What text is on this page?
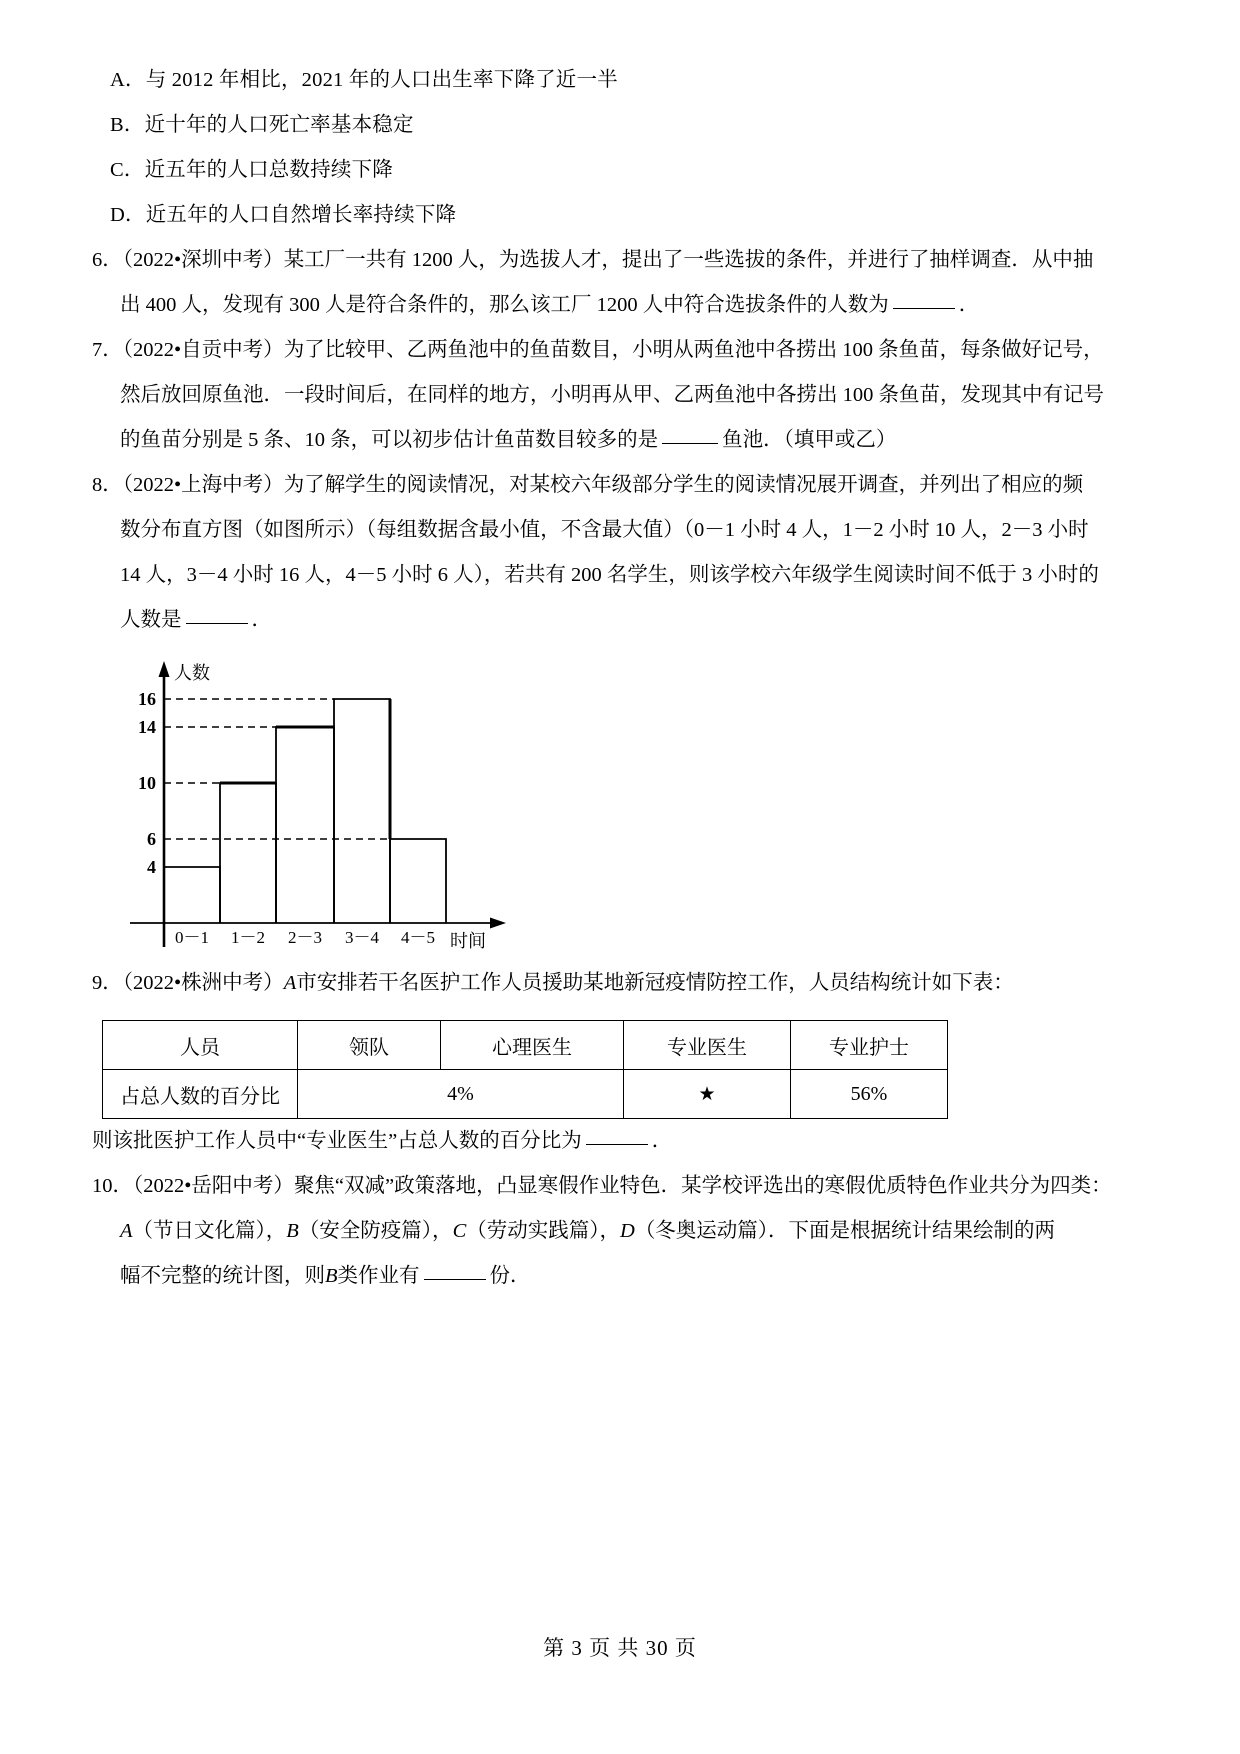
A．与 2012 年相比，2021 年的人口出生率下降了近一半
B．近十年的人口死亡率基本稳定
C．近五年的人口总数持续下降
D．近五年的人口自然增长率持续下降
6．（2022•深圳中考）某工厂一共有 1200 人，为选拔人才，提出了一些选拔的条件，并进行了抽样调查．从中抽
出 400 人，发现有 300 人是符合条件的，那么该工厂 1200 人中符合选拔条件的人数为	．
7．（2022•自贡中考）为了比较甲、乙两鱼池中的鱼苗数目，小明从两鱼池中各捞出 100 条鱼苗，每条做好记号，
然后放回原鱼池．一段时间后，在同样的地方，小明再从甲、乙两鱼池中各捞出 100 条鱼苗，发现其中有记号
的鱼苗分别是 5 条、10 条，可以初步估计鱼苗数目较多的是	鱼池．（填甲或乙）
8．（2022•上海中考）为了解学生的阅读情况，对某校六年级部分学生的阅读情况展开调查，并列出了相应的频
数分布直方图（如图所示）（每组数据含最小值，不含最大值）（0－1 小时 4 人，1－2 小时 10 人，2－3 小时
14 人，3－4 小时 16 人，4－5 小时 6 人），若共有 200 名学生，则该学校六年级学生阅读时间不低于 3 小时的
人数是	．
16
14
10
6
4
0－1 1－2 2－3 3－4 4－5
人数
时间
9．（2022•株洲中考）A市安排若干名医护工作人员援助某地新冠疫情防控工作，人员结构统计如下表：
人员	领队	心理医生	专业医生	专业护士
占总人数的百分比	4%		★	56%
则该批医护工作人员中“专业医生”占总人数的百分比为	．
10．（2022•岳阳中考）聚焦“双减”政策落地，凸显寒假作业特色．某学校评选出的寒假优质特色作业共分为四类：
A（节日文化篇），B（安全防疫篇），C（劳动实践篇），D（冬奥运动篇）．下面是根据统计结果绘制的两
幅不完整的统计图，则B类作业有	份．
第 3 页 共 30 页
